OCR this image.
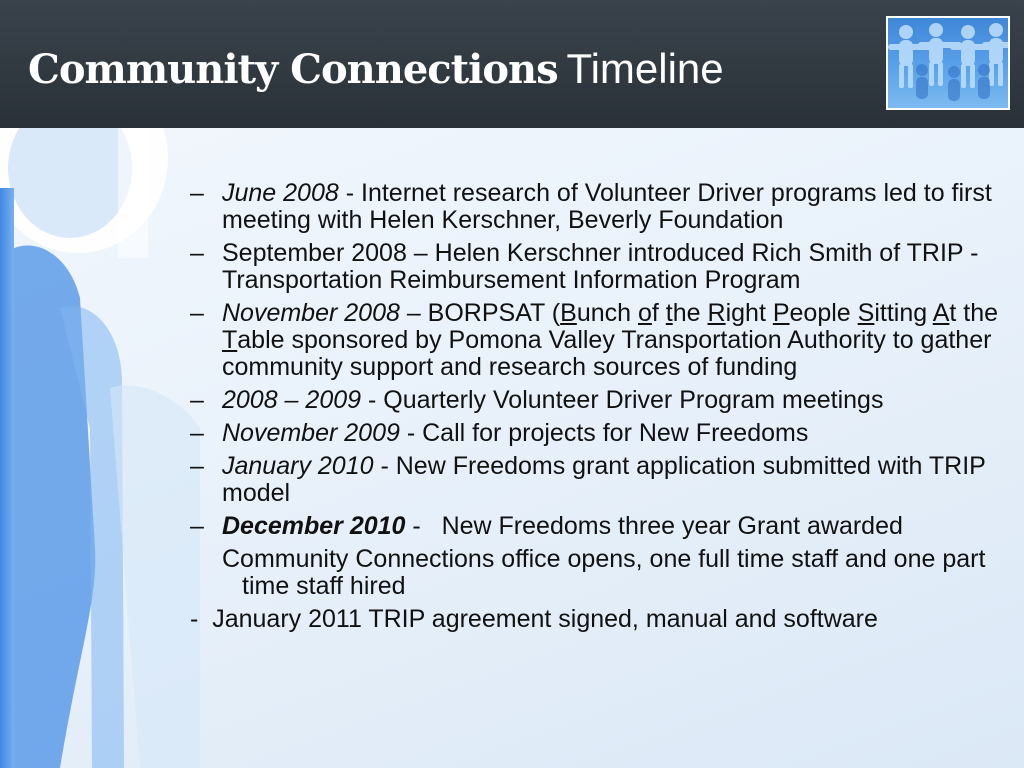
Community Connections Timeline
– June 2008 - Internet research of Volunteer Driver programs led to first meeting with Helen Kerschner, Beverly Foundation
– September 2008 – Helen Kerschner introduced Rich Smith of TRIP - Transportation Reimbursement Information Program
– November 2008 – BORPSAT (Bunch of the Right People Sitting At the Table sponsored by Pomona Valley Transportation Authority to gather community support and research sources of funding
– 2008 – 2009 - Quarterly Volunteer Driver Program meetings
– November 2009 - Call for projects for New Freedoms
– January 2010 - New Freedoms grant application submitted with TRIP model
– December 2010 -   New Freedoms three year Grant awarded
Community Connections office opens, one full time staff and one part time staff hired
-  January 2011 TRIP agreement signed, manual and software
